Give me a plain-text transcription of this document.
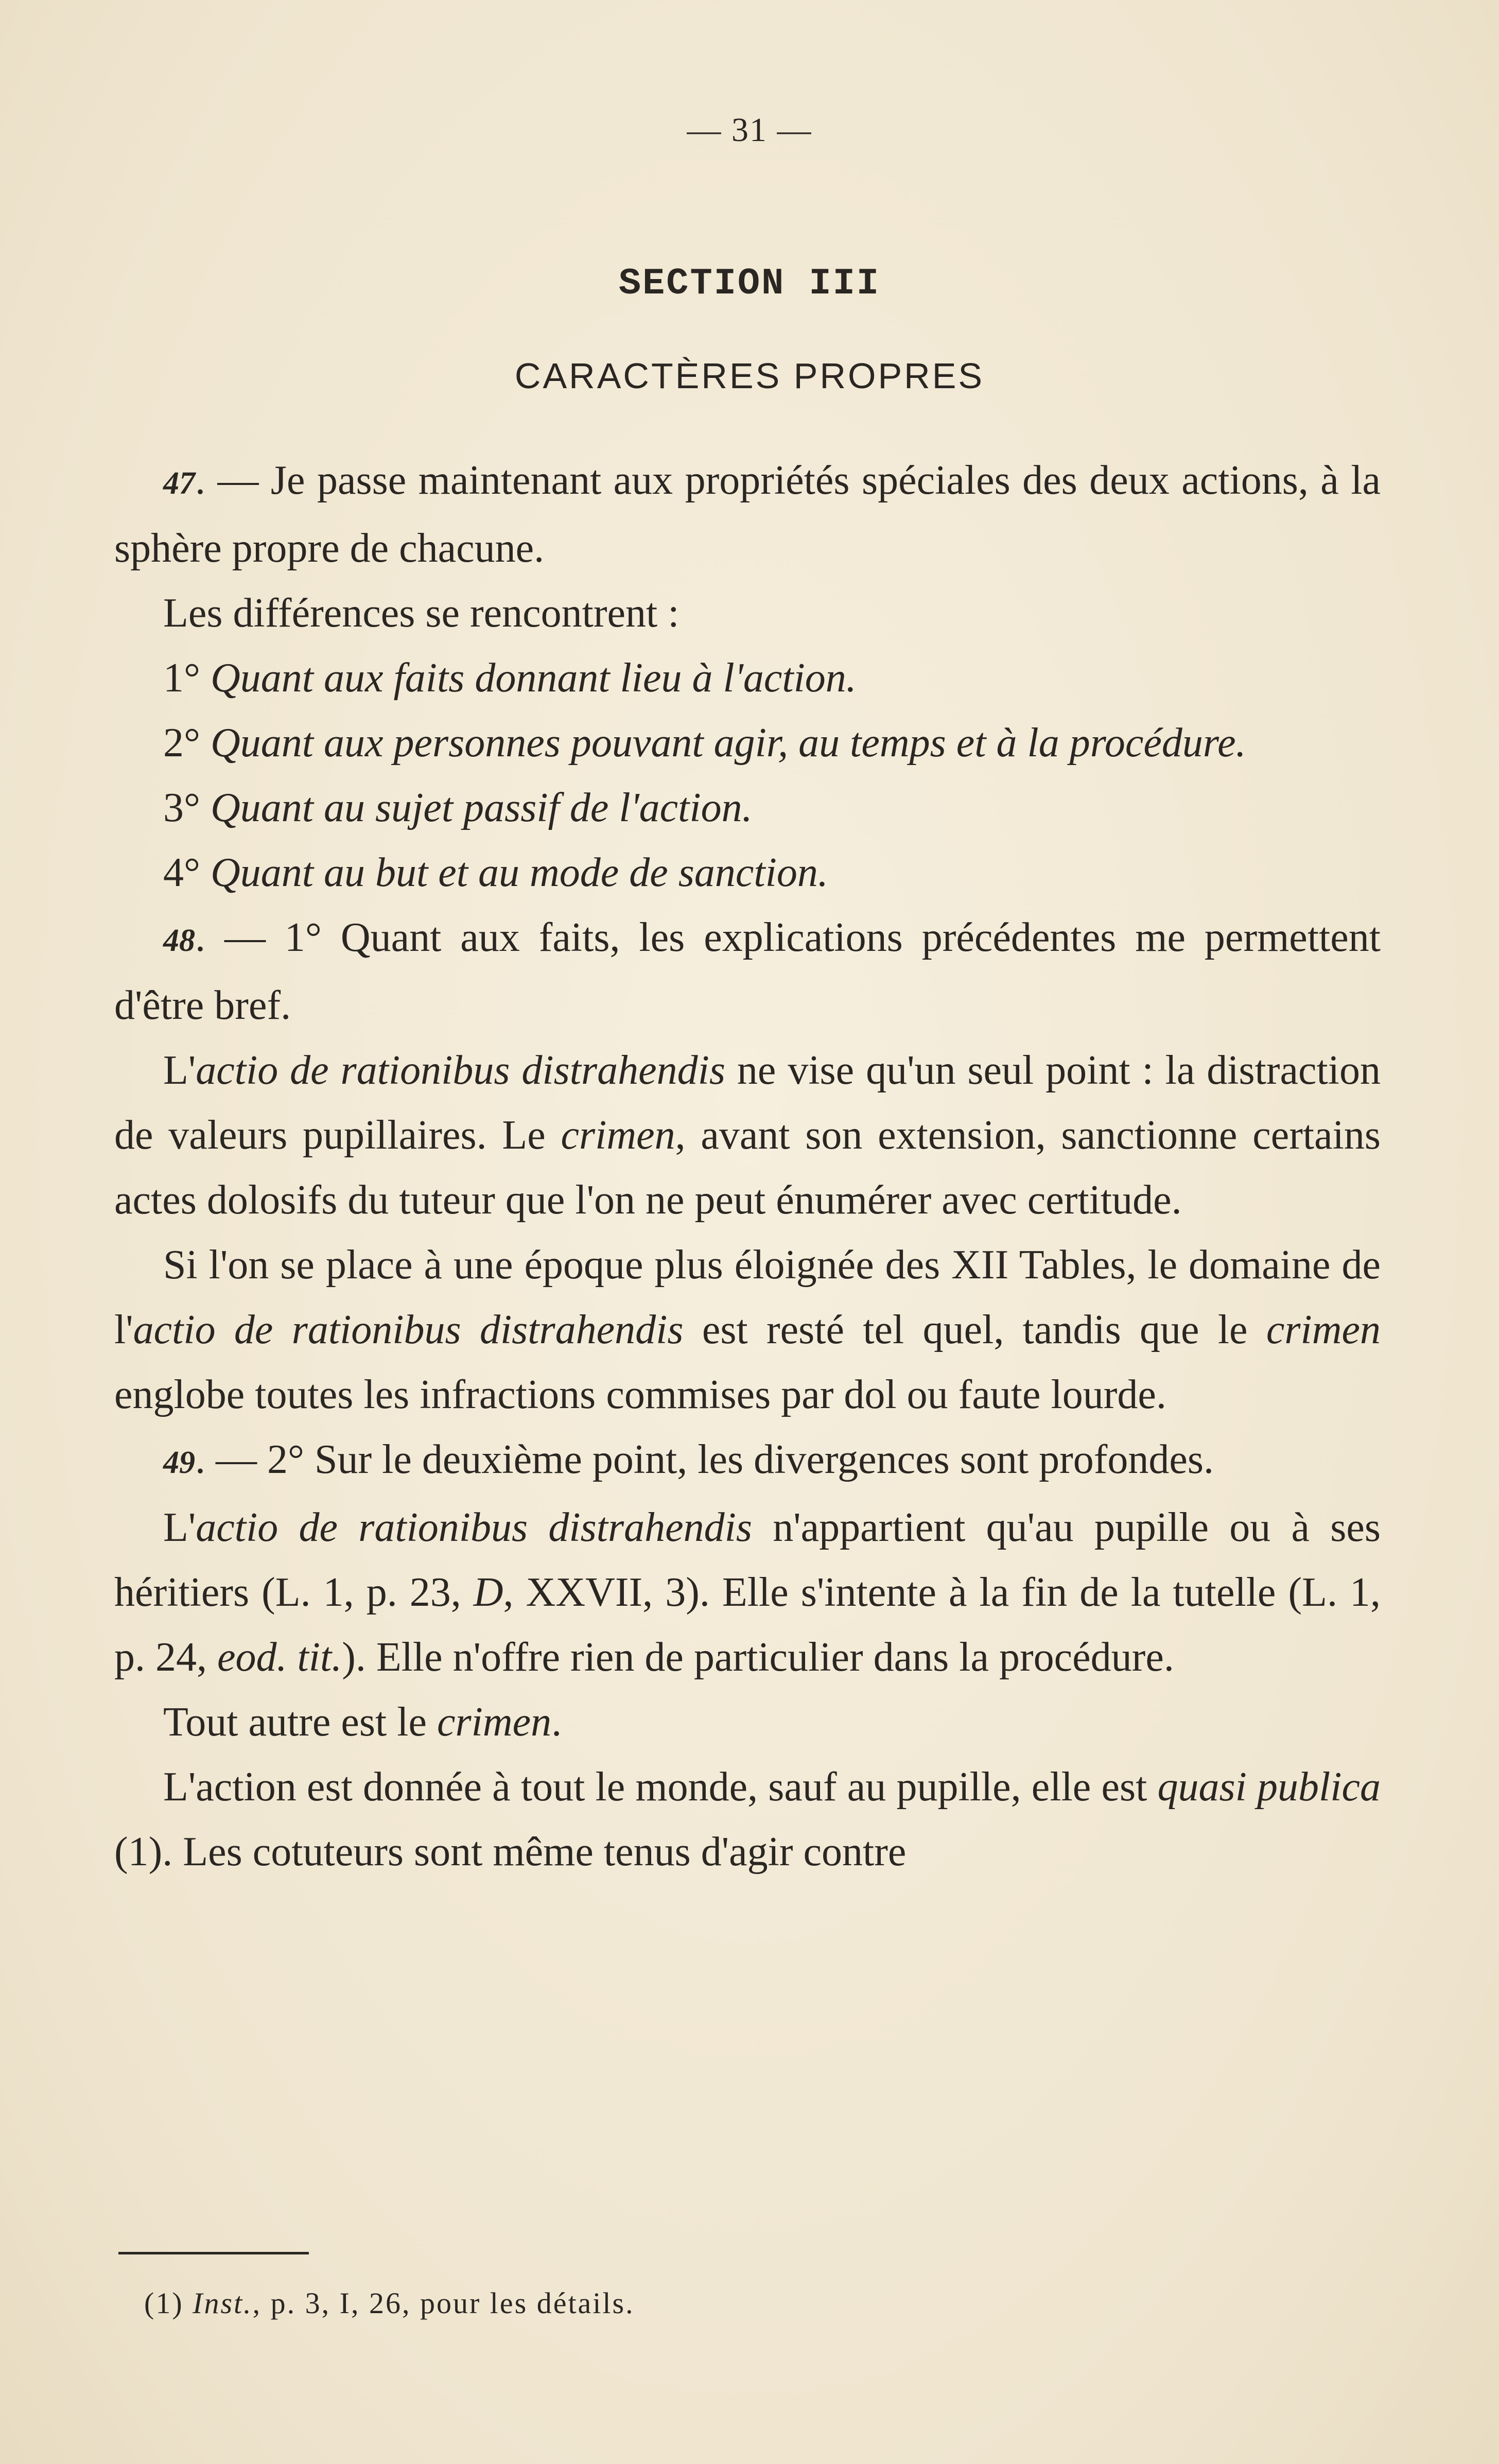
— 31 —
SECTION III
CARACTÈRES PROPRES

47. — Je passe maintenant aux propriétés spéciales des deux actions, à la sphère propre de chacune.

Les différences se rencontrent :

1° Quant aux faits donnant lieu à l'action.

2° Quant aux personnes pouvant agir, au temps et à la procédure.

3° Quant au sujet passif de l'action.

4° Quant au but et au mode de sanction.

48. — 1° Quant aux faits, les explications précédentes me permettent d'être bref.

L'actio de rationibus distrahendis ne vise qu'un seul point : la distraction de valeurs pupillaires. Le crimen, avant son extension, sanctionne certains actes dolosifs du tuteur que l'on ne peut énumérer avec certitude.

Si l'on se place à une époque plus éloignée des XII Tables, le domaine de l'actio de rationibus distrahendis est resté tel quel, tandis que le crimen englobe toutes les infractions commises par dol ou faute lourde.

49. — 2° Sur le deuxième point, les divergences sont profondes.

L'actio de rationibus distrahendis n'appartient qu'au pupille ou à ses héritiers (L. 1, p. 23, D, XXVII, 3). Elle s'intente à la fin de la tutelle (L. 1, p. 24, eod. tit.). Elle n'offre rien de particulier dans la procédure.

Tout autre est le crimen.

L'action est donnée à tout le monde, sauf au pupille, elle est quasi publica (1). Les cotuteurs sont même tenus d'agir contre

(1) Inst., p. 3, I, 26, pour les détails.
